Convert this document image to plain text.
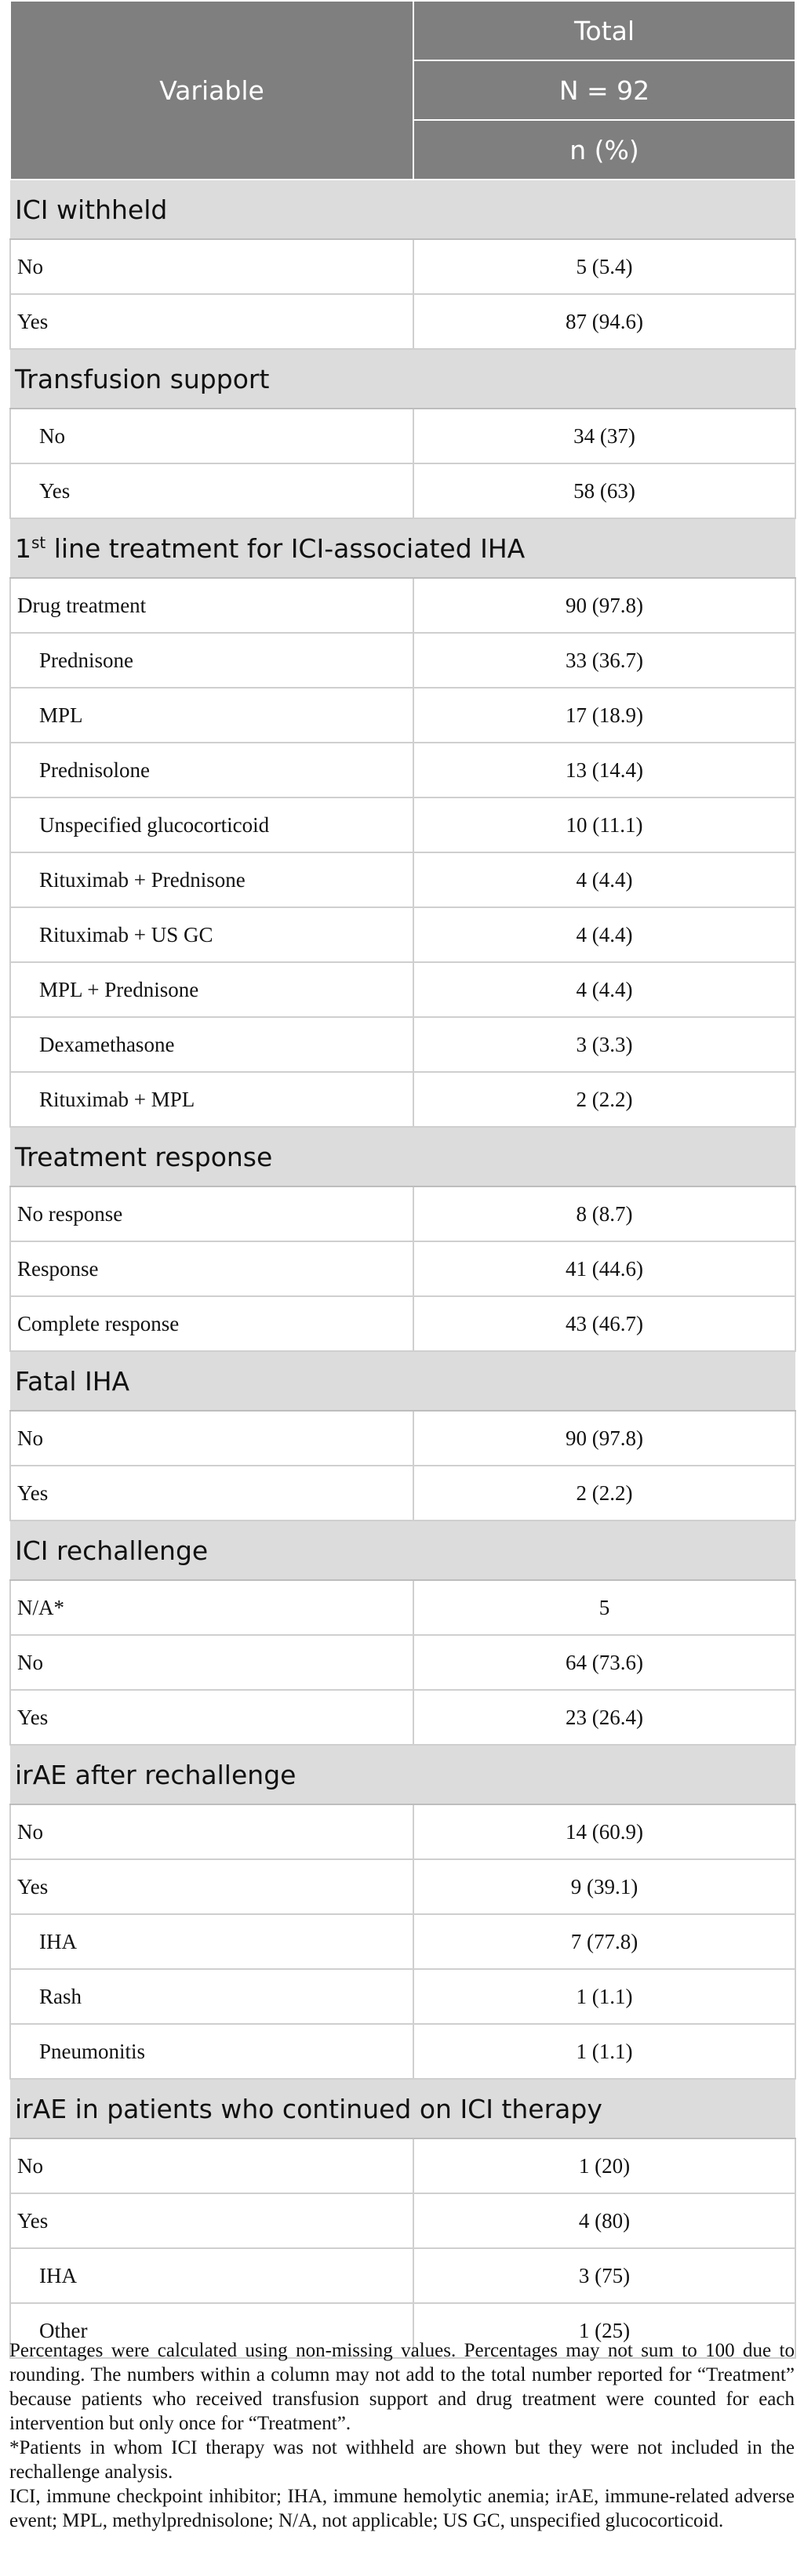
Variable	Total
	N = 92
	n (%)
ICI withheld	
No	5 (5.4)
Yes	87 (94.6)
Transfusion support	
No	34 (37)
Yes	58 (63)
1st line treatment for ICI-associated IHA	
Drug treatment	90 (97.8)
Prednisone	33 (36.7)
MPL	17 (18.9)
Prednisolone	13 (14.4)
Unspecified glucocorticoid	10 (11.1)
Rituximab + Prednisone	4 (4.4)
Rituximab + US GC	4 (4.4)
MPL + Prednisone	4 (4.4)
Dexamethasone	3 (3.3)
Rituximab + MPL	2 (2.2)
Treatment response	
No response	8 (8.7)
Response	41 (44.6)
Complete response	43 (46.7)
Fatal IHA	
No	90 (97.8)
Yes	2 (2.2)
ICI rechallenge	
N/A*	5
No	64 (73.6)
Yes	23 (26.4)
irAE after rechallenge	
No	14 (60.9)
Yes	9 (39.1)
IHA	7 (77.8)
Rash	1 (1.1)
Pneumonitis	1 (1.1)
irAE in patients who continued on ICI therapy	
No	1 (20)
Yes	4 (80)
IHA	3 (75)
Other	1 (25)

Percentages were calculated using non-missing values. Percentages may not sum to 100 due to rounding. The numbers within a column may not add to the total number reported for “Treatment” because patients who received transfusion support and drug treatment were counted for each intervention but only once for “Treatment”.

*Patients in whom ICI therapy was not withheld are shown but they were not included in the rechallenge analysis.

ICI, immune checkpoint inhibitor; IHA, immune hemolytic anemia; irAE, immune-related adverse event; MPL, methylprednisolone; N/A, not applicable; US GC, unspecified glucocorticoid.
